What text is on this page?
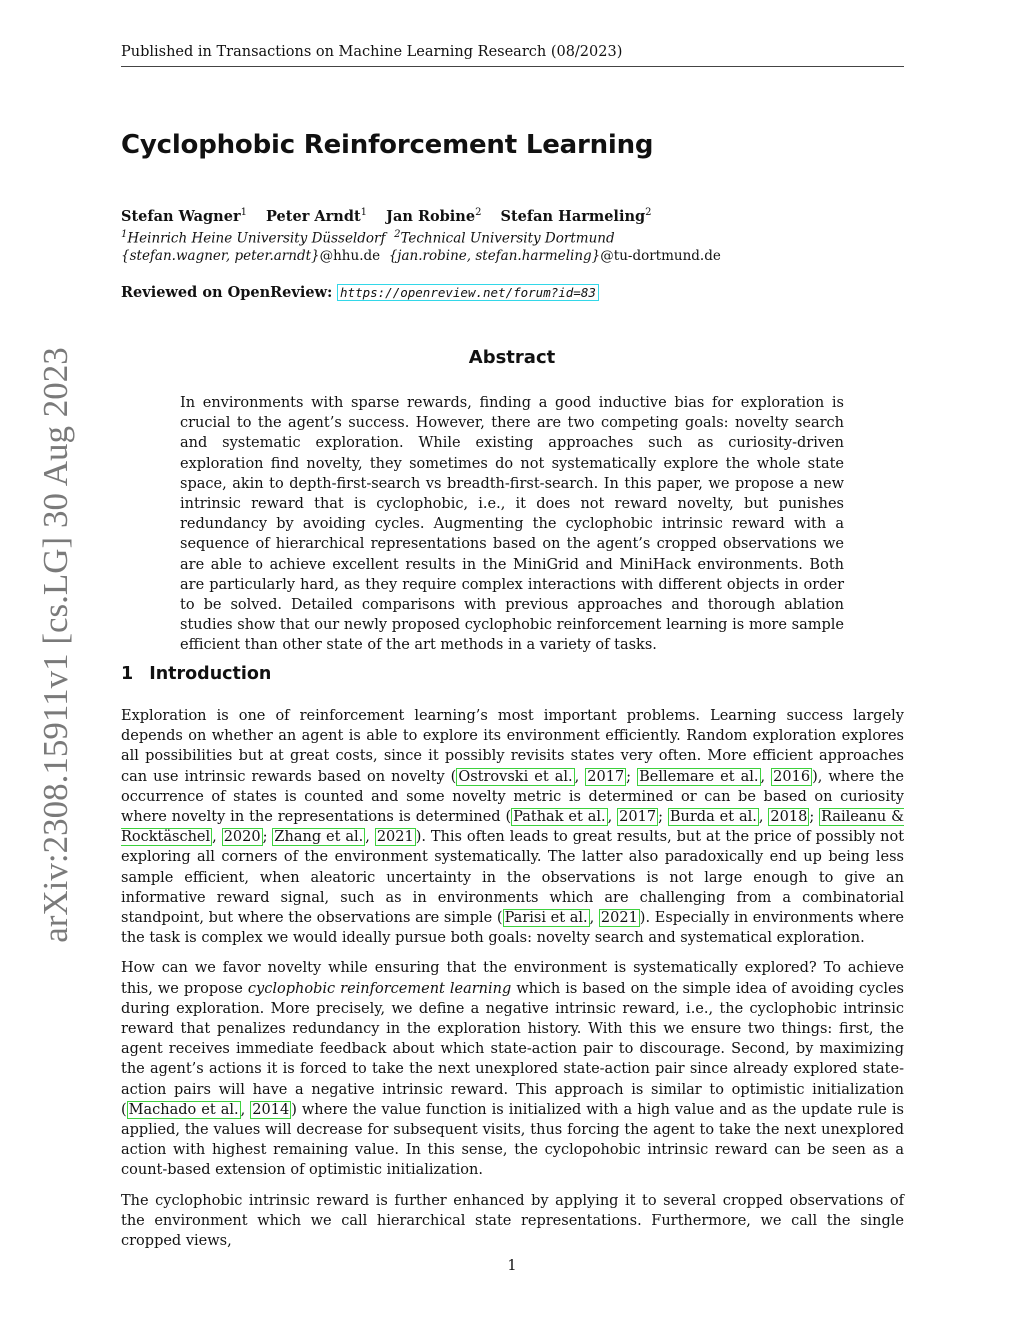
Published in Transactions on Machine Learning Research (08/2023)
arXiv:2308.15911v1 [cs.LG] 30 Aug 2023
Cyclophobic Reinforcement Learning
Stefan Wagner$^1$ Peter Arndt$^1$ Jan Robine$^2$ Stefan Harmeling$^2$
$^1$Heinrich Heine University Düsseldorf $^2$Technical University Dortmund
{stefan.wagner, peter.arndt}@hhu.de {jan.robine, stefan.harmeling}@tu-dortmund.de
Reviewed on OpenReview: https://openreview.net/forum?id=83
Abstract
In environments with sparse rewards, finding a good inductive bias for exploration is crucial to the agent’s success. However, there are two competing goals: novelty search and systematic exploration. While existing approaches such as curiosity-driven exploration find novelty, they sometimes do not systematically explore the whole state space, akin to depth-first-search vs breadth-first-search. In this paper, we propose a new intrinsic reward that is cyclophobic, i.e., it does not reward novelty, but punishes redundancy by avoiding cycles. Augmenting the cyclophobic intrinsic reward with a sequence of hierarchical representations based on the agent’s cropped observations we are able to achieve excellent results in the MiniGrid and MiniHack environments. Both are particularly hard, as they require complex interactions with different objects in order to be solved. Detailed comparisons with previous approaches and thorough ablation studies show that our newly proposed cyclophobic reinforcement learning is more sample efficient than other state of the art methods in a variety of tasks.
1 Introduction

Exploration is one of reinforcement learning’s most important problems. Learning success largely depends on whether an agent is able to explore its environment efficiently. Random exploration explores all possibilities but at great costs, since it possibly revisits states very often. More efficient approaches can use intrinsic rewards based on novelty ( Ostrovski et al. , 2017 ; Bellemare et al. , 2016 ), where the occurrence of states is counted and some novelty metric is determined or can be based on curiosity where novelty in the representations is determined ( Pathak et al. , 2017 ; Burda et al. , 2018 ; Raileanu & Rocktäschel , 2020 ; Zhang et al. , 2021 ). This often leads to great results, but at the price of possibly not exploring all corners of the environment systematically. The latter also paradoxically end up being less sample efficient, when aleatoric uncertainty in the observations is not large enough to give an informative reward signal, such as in environments which are challenging from a combinatorial standpoint, but where the observations are simple ( Parisi et al. , 2021 ). Especially in environments where the task is complex we would ideally pursue both goals: novelty search and systematical exploration.

How can we favor novelty while ensuring that the environment is systematically explored? To achieve this, we propose cyclophobic reinforcement learning which is based on the simple idea of avoiding cycles during exploration. More precisely, we define a negative intrinsic reward, i.e., the cyclophobic intrinsic reward that penalizes redundancy in the exploration history. With this we ensure two things: first, the agent receives immediate feedback about which state-action pair to discourage. Second, by maximizing the agent’s actions it is forced to take the next unexplored state-action pair since already explored state-action pairs will have a negative intrinsic reward. This approach is similar to optimistic initialization ( Machado et al. , 2014 ) where the value function is initialized with a high value and as the update rule is applied, the values will decrease for subsequent visits, thus forcing the agent to take the next unexplored action with highest remaining value. In this sense, the cyclopohobic intrinsic reward can be seen as a count-based extension of optimistic initialization.

The cyclophobic intrinsic reward is further enhanced by applying it to several cropped observations of the environment which we call hierarchical state representations. Furthermore, we call the single cropped views,

1
